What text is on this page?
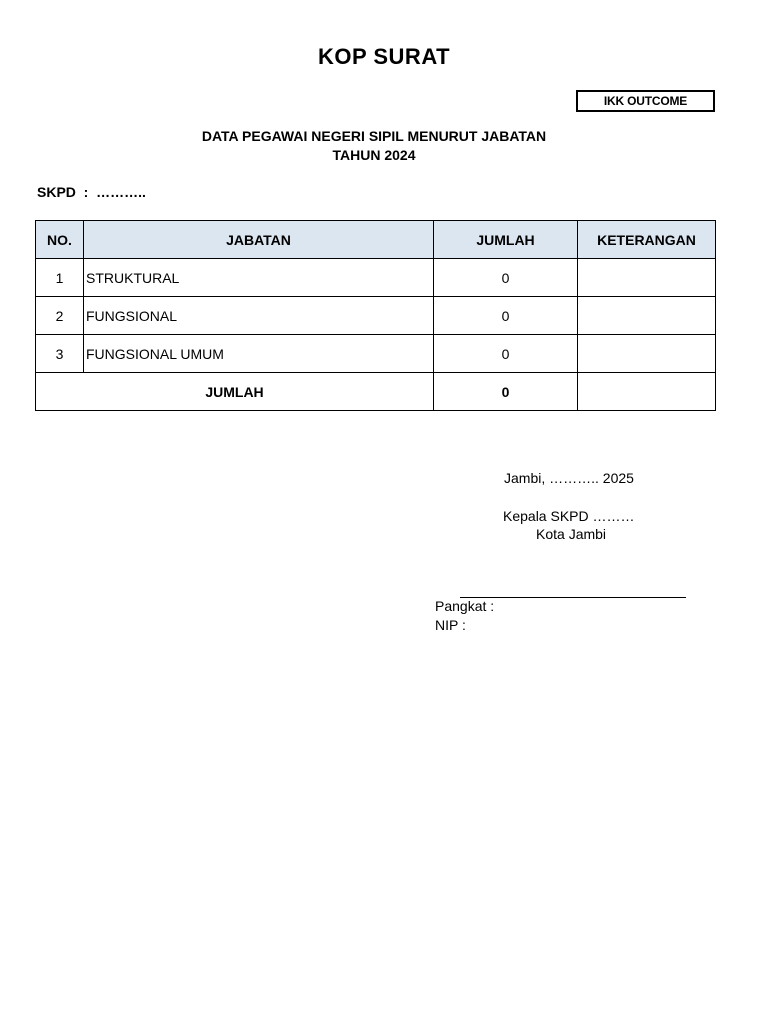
KOP SURAT
IKK OUTCOME
DATA PEGAWAI NEGERI SIPIL MENURUT JABATAN
TAHUN 2024
SKPD  :  ………..
NO.	JABATAN	JUMLAH	KETERANGAN
1	STRUKTURAL	0	
2	FUNGSIONAL	0	
3	FUNGSIONAL UMUM	0	
JUMLAH		0	
Jambi, ……….. 2025
Kepala SKPD ………
Kota Jambi
Pangkat :
NIP :
